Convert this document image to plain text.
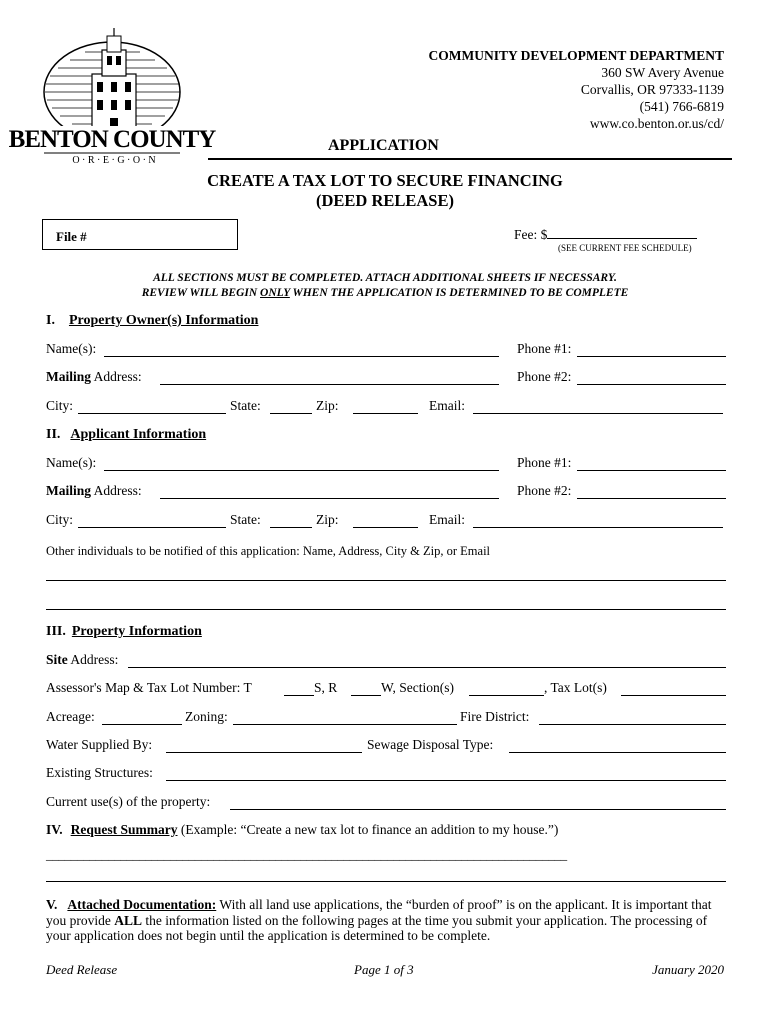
COMMUNITY DEVELOPMENT DEPARTMENT
360 SW Avery Avenue
Corvallis, OR 97333-1139
(541) 766-6819
www.co.benton.or.us/cd/
BENTON COUNTY
O · R · E · G · O · N
APPLICATION
CREATE A TAX LOT TO SECURE FINANCING
(DEED RELEASE)
File #	Fee: $
(SEE CURRENT FEE SCHEDULE)
ALL SECTIONS MUST BE COMPLETED. ATTACH ADDITIONAL SHEETS IF NECESSARY.
REVIEW WILL BEGIN ONLY WHEN THE APPLICATION IS DETERMINED TO BE COMPLETE
I. Property Owner(s) Information
Name(s):	Phone #1:
Mailing Address:	Phone #2:
City:	State:	Zip:	Email:
II. Applicant Information
Name(s):	Phone #1:
Mailing Address:	Phone #2:
City:	State:	Zip:	Email:
Other individuals to be notified of this application: Name, Address, City & Zip, or Email
III. Property Information
Site Address:
Assessor's Map & Tax Lot Number: T	S, R	W, Section(s)	, Tax Lot(s)
Acreage:	Zoning:	Fire District:
Water Supplied By:	Sewage Disposal Type:
Existing Structures:
Current use(s) of the property:
IV. Request Summary (Example: “Create a new tax lot to finance an addition to my house.”)
____________________________________________________________________________________
V. Attached Documentation: With all land use applications, the “burden of proof” is on the applicant. It is important that you provide ALL the information listed on the following pages at the time you submit your application. The processing of your application does not begin until the application is determined to be complete.
Deed Release	Page 1 of 3	January 2020
